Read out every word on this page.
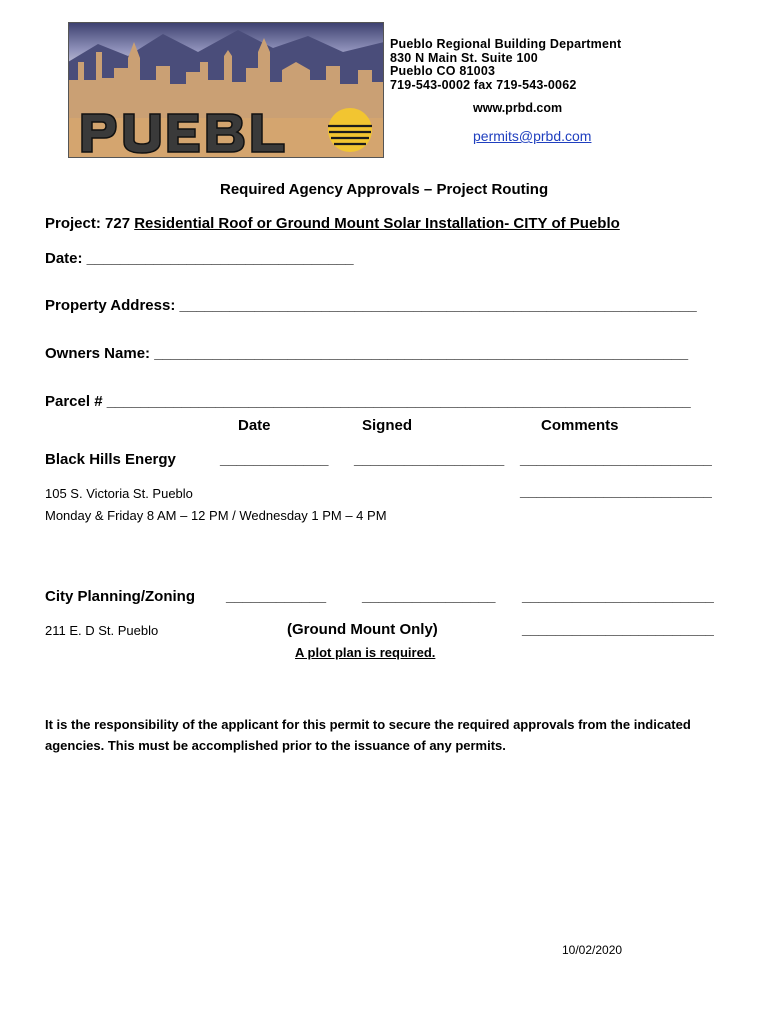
Pueblo Regional Building Department
830 N Main St. Suite 100
Pueblo CO 81003
719-543-0002 fax 719-543-0062
www.prbd.com
permits@prbd.com
Required Agency Approvals – Project Routing
Project: 727 Residential Roof or Ground Mount Solar Installation- CITY of Pueblo
Date: ________________________________
Property Address: ______________________________________________________________
Owners Name: ________________________________________________________________
Parcel # ______________________________________________________________________
Date	Signed	Comments
Black Hills Energy	_____________ __________________ _______________________
105 S. Victoria St. Pueblo	_______________________
Monday & Friday 8 AM – 12 PM / Wednesday 1 PM – 4 PM
City Planning/Zoning ____________ ________________ _______________________
211 E. D St. Pueblo	(Ground Mount Only)	_______________________
A plot plan is required.
It is the responsibility of the applicant for this permit to secure the required approvals from the indicated
agencies. This must be accomplished prior to the issuance of any permits.
10/02/2020
